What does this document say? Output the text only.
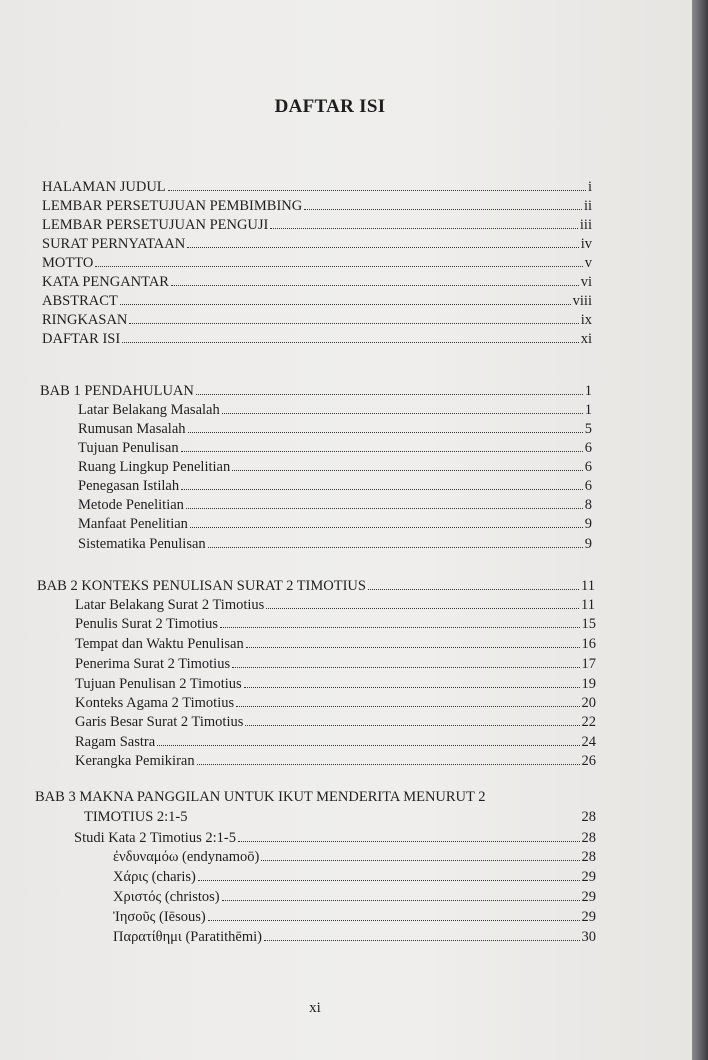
DAFTAR ISI
HALAMAN JUDUL	i
LEMBAR PERSETUJUAN PEMBIMBING	ii
LEMBAR PERSETUJUAN PENGUJI	iii
SURAT PERNYATAAN	iv
MOTTO	v
KATA PENGANTAR	vi
ABSTRACT	viii
RINGKASAN	ix
DAFTAR ISI	xi
BAB 1 PENDAHULUAN	1
Latar Belakang Masalah	1
Rumusan Masalah	5
Tujuan Penulisan	6
Ruang Lingkup Penelitian	6
Penegasan Istilah	6
Metode Penelitian	8
Manfaat Penelitian	9
Sistematika Penulisan	9
BAB 2 KONTEKS PENULISAN SURAT 2 TIMOTIUS	11
Latar Belakang Surat 2 Timotius	11
Penulis Surat 2 Timotius	15
Tempat dan Waktu Penulisan	16
Penerima Surat 2 Timotius	17
Tujuan Penulisan 2 Timotius	19
Konteks Agama 2 Timotius	20
Garis Besar Surat 2 Timotius	22
Ragam Sastra	24
Kerangka Pemikiran	26
BAB 3 MAKNA PANGGILAN UNTUK IKUT MENDERITA MENURUT 2
TIMOTIUS 2:1-5	28
Studi Kata 2 Timotius 2:1-5	28
ἐνδυναμόω (endynamoō)	28
Χάρις (charis)	29
Χριστός (christos)	29
Ἰησοῦς (Iēsous)	29
Παρατίθημι (Paratithēmi)	30
xi
